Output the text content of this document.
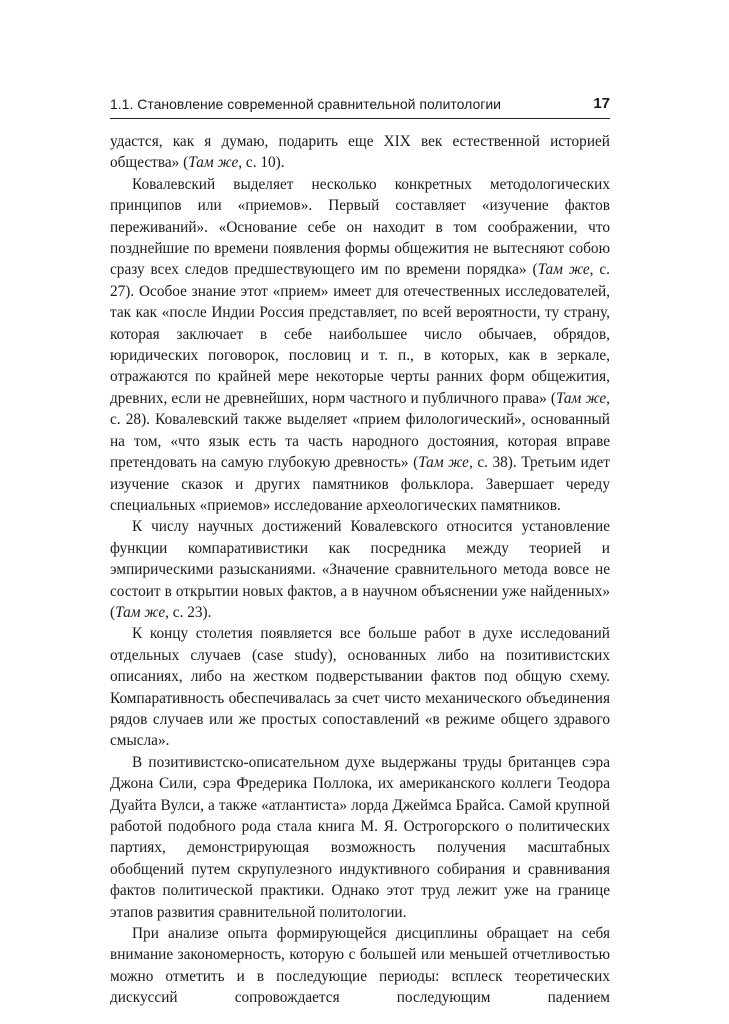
1.1. Становление современной сравнительной политологии	17

удастся, как я думаю, подарить еще XIX век естественной историей общества» (Там же, с. 10).

Ковалевский выделяет несколько конкретных методологических принципов или «приемов». Первый составляет «изучение фактов переживаний». «Основание себе он находит в том соображении, что позднейшие по времени появления формы общежития не вытесняют собою сразу всех следов предшествующего им по времени порядка» (Там же, с. 27). Особое знание этот «прием» имеет для отечественных исследователей, так как «после Индии Россия представляет, по всей вероятности, ту страну, которая заключает в себе наибольшее число обычаев, обрядов, юридических поговорок, пословиц и т. п., в которых, как в зеркале, отражаются по крайней мере некоторые черты ранних форм общежития, древних, если не древнейших, норм частного и публичного права» (Там же, с. 28). Ковалевский также выделяет «прием филологический», основанный на том, «что язык есть та часть народного достояния, которая вправе претендовать на самую глубокую древность» (Там же, с. 38). Третьим идет изучение сказок и других памятников фольклора. Завершает череду специальных «приемов» исследование археологических памятников.

К числу научных достижений Ковалевского относится установление функции компаративистики как посредника между теорией и эмпирическими разысканиями. «Значение сравнительного метода вовсе не состоит в открытии новых фактов, а в научном объяснении уже найденных» (Там же, с. 23).

К концу столетия появляется все больше работ в духе исследований отдельных случаев (case study), основанных либо на позитивистских описаниях, либо на жестком подверстывании фактов под общую схему. Компаративность обеспечивалась за счет чисто механического объединения рядов случаев или же простых сопоставлений «в режиме общего здравого смысла».

В позитивистско-описательном духе выдержаны труды британцев сэра Джона Сили, сэра Фредерика Поллока, их американского коллеги Теодора Дуайта Вулси, а также «атлантиста» лорда Джеймса Брайса. Самой крупной работой подобного рода стала книга М. Я. Острогорского о политических партиях, демонстрирующая возможность получения масштабных обобщений путем скрупулезного индуктивного собирания и сравнивания фактов политической практики. Однако этот труд лежит уже на границе этапов развития сравнительной политологии.

При анализе опыта формирующейся дисциплины обращает на себя внимание закономерность, которую с большей или меньшей отчетливостью можно отметить и в последующие периоды: всплеск теоретических дискуссий сопровождается последующим падением
